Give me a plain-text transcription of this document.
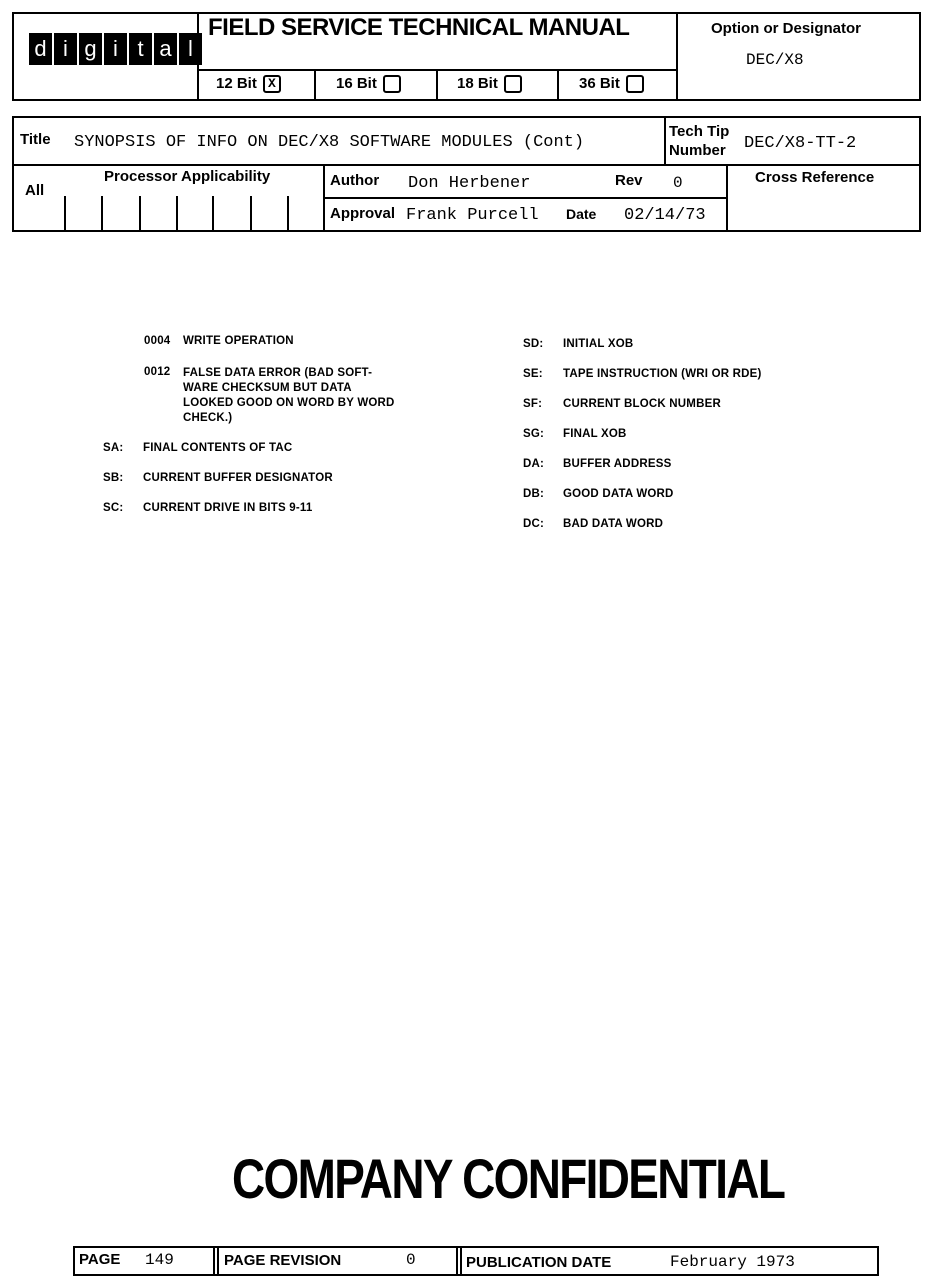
d i g i t a l
FIELD SERVICE TECHNICAL MANUAL
12 Bit X	16 Bit	18 Bit	36 Bit
Option or Designator
DEC/X8
Title SYNOPSIS OF INFO ON DEC/X8 SOFTWARE MODULES (Cont)
Tech Tip
Number DEC/X8-TT-2
All
Processor Applicability	Author Don Herbener	Rev 0
Approval Frank Purcell Date 02/14/73
Cross Reference
0004 WRITE OPERATION
0012 FALSE DATA ERROR (BAD SOFT-
WARE CHECKSUM BUT DATA
LOOKED GOOD ON WORD BY WORD
CHECK.)
SA: FINAL CONTENTS OF TAC
SB: CURRENT BUFFER DESIGNATOR
SC: CURRENT DRIVE IN BITS 9-11
SD: INITIAL XOB
SE: TAPE INSTRUCTION (WRI OR RDE)
SF: CURRENT BLOCK NUMBER
SG: FINAL XOB
DA: BUFFER ADDRESS
DB: GOOD DATA WORD
DC: BAD DATA WORD
COMPANY CONFIDENTIAL
PAGE 149	PAGE REVISION	0	PUBLICATION DATE	February 1973
